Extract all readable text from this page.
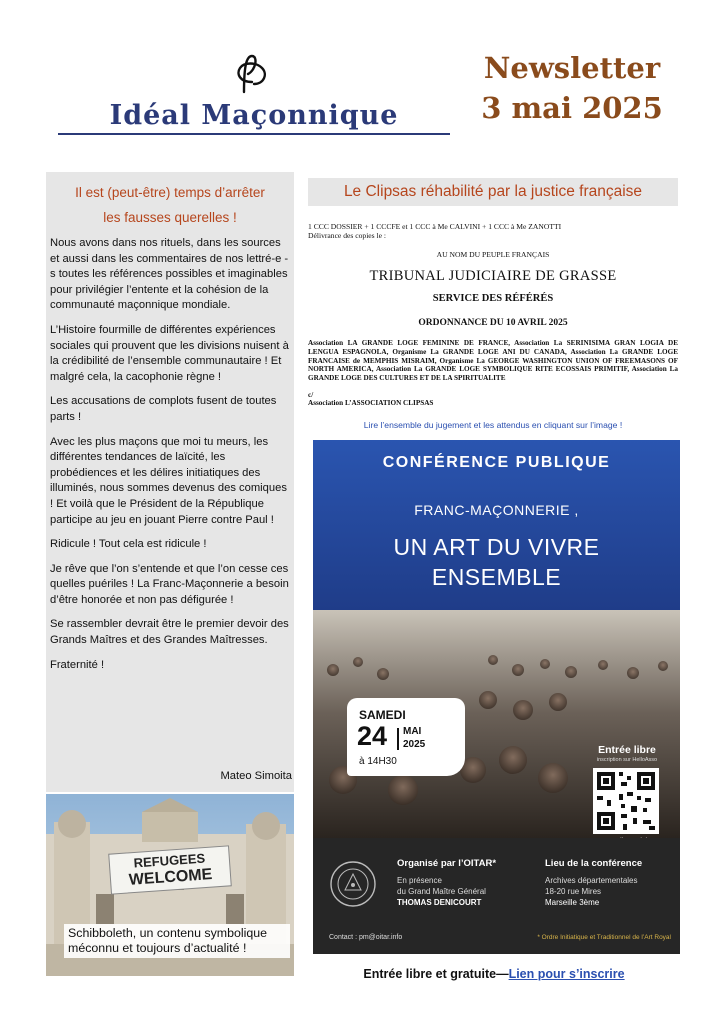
Idéal Maçonnique
Newsletter
3 mai 2025
Il est (peut-être) temps d’arrêter
les fausses querelles !

Nous avons dans nos rituels, dans les sources et aussi dans les commentaires de nos lettré-e -s toutes les références possibles et imaginables pour privilégier l’entente et la cohésion de la communauté maçonnique mondiale.

L’Histoire fourmille de différentes expériences sociales qui prouvent que les divisions nuisent à la crédibilité de l’ensemble communautaire ! Et malgré cela, la cacophonie règne !

Les accusations de complots fusent de toutes parts !

Avec les plus maçons que moi tu meurs, les différentes tendances de laïcité, les probédiences et les délires initiatiques des illuminés, nous sommes devenus des comiques ! Et voilà que le Président de la République participe au jeu en jouant Pierre contre Paul !

Ridicule ! Tout cela est ridicule !

Je rêve que l’on s’entende et que l’on cesse ces quelles puériles ! La Franc-Maçonnerie a besoin d’être honorée et non pas défigurée !

Se rassembler devrait être le premier devoir des Grands Maîtres et des Grandes Maîtresses.

Fraternité !

Mateo Simoita
REFUGEES
WELCOME
Schibboleth, un contenu symbolique méconnu et toujours d’actualité !
Le Clipsas réhabilité par la justice française
1 CCC DOSSIER + 1 CCCFE et 1 CCC à Me CALVINI + 1 CCC à Me ZANOTTI
Délivrance des copies le :
AU NOM DU PEUPLE FRANÇAIS
TRIBUNAL JUDICIAIRE DE GRASSE
SERVICE DES RÉFÉRÉS
ORDONNANCE DU 10 AVRIL 2025
Association LA GRANDE LOGE FEMININE DE FRANCE, Association La SERINISIMA GRAN LOGIA DE LENGUA ESPAGNOLA, Organisme La GRANDE LOGE ANI DU CANADA, Association La GRANDE LOGE FRANCAISE de MEMPHIS MISRAIM, Organisme La GEORGE WASHINGTON UNION OF FREEMASONS OF NORTH AMERICA, Association La GRANDE LOGE SYMBOLIQUE RITE ECOSSAIS PRIMITIF, Association La GRANDE LOGE DES CULTURES ET DE LA SPIRITUALITE
c/
Association L’ASSOCIATION CLIPSAS
Lire l’ensemble du jugement et les attendus en cliquant sur l’image !
CONFÉRENCE PUBLIQUE
FRANC-MAÇONNERIE ,
UN ART DU VIVRE
ENSEMBLE
SAMEDI
24 MAI
2025
à 14H30
Entrée libre
inscription sur HelloAsso
Organisé par l’OITAR*
En présence
du Grand Maître Général
THOMAS DENICOURT
Lieu de la conférence
Archives départementales
18-20 rue Mires
Marseille 3ème
Contact : pm@oitar.info	* Ordre Initiatique et Traditionnel de l’Art Royal
Entrée libre et gratuite—Lien pour s’inscrire
